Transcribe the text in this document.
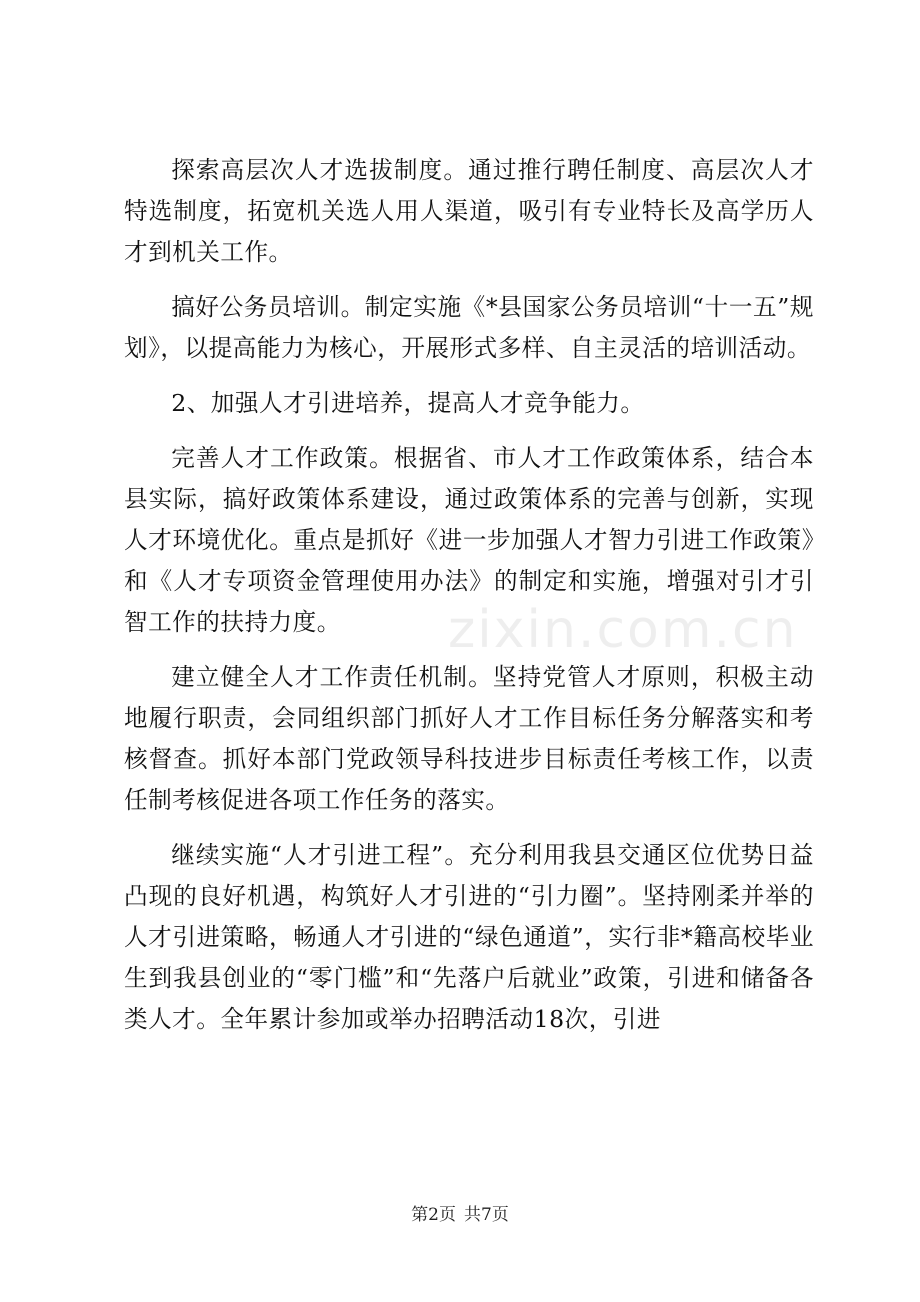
探索高层次人才选拔制度。通过推行聘任制度、高层次人才特选制度，拓宽机关选人用人渠道，吸引有专业特长及高学历人才到机关工作。

搞好公务员培训。制定实施《*县国家公务员培训“十一五”规划》，以提高能力为核心，开展形式多样、自主灵活的培训活动。

2、加强人才引进培养，提高人才竞争能力。

完善人才工作政策。根据省、市人才工作政策体系，结合本县实际，搞好政策体系建设，通过政策体系的完善与创新，实现人才环境优化。重点是抓好《进一步加强人才智力引进工作政策》和《人才专项资金管理使用办法》的制定和实施，增强对引才引智工作的扶持力度。

建立健全人才工作责任机制。坚持党管人才原则，积极主动地履行职责，会同组织部门抓好人才工作目标任务分解落实和考核督查。抓好本部门党政领导科技进步目标责任考核工作，以责任制考核促进各项工作任务的落实。

继续实施“人才引进工程”。充分利用我县交通区位优势日益凸现的良好机遇，构筑好人才引进的“引力圈”。坚持刚柔并举的人才引进策略，畅通人才引进的“绿色通道”，实行非*籍高校毕业生到我县创业的“零门槛”和“先落户后就业”政策，引进和储备各类人才。全年累计参加或举办招聘活动18次，引进

zixin.com.cn
第2页 共7页
